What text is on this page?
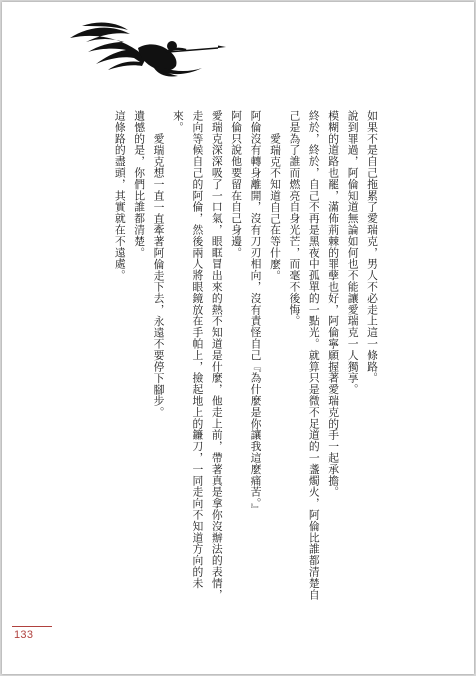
如果不是自己拖累了愛瑞克，男人不必走上這一條路。

說到罪過，阿倫知道無論如何也不能讓愛瑞克一人獨享。

模糊的道路也罷，滿佈荊棘的罪孽也好，阿倫寧願握著愛瑞克的手一起承擔。

終於，終於，自己不再是黑夜中孤單的一點光。就算只是微不足道的一盞燭火，阿倫比誰都清楚自己是為了誰而燃亮自身光芒，而毫不後悔。

愛瑞克不知道自己在等什麼。

阿倫沒有轉身離開，沒有刀刃相向，沒有責怪自己『為什麼是你讓我這麼痛苦。』

阿倫只說他要留在自己身邊。

愛瑞克深深吸了一口氣，眼眶冒出來的熱不知道是什麼，他走上前，帶著真是拿你沒辦法的表情，走向等候自己的阿倫，然後兩人將眼鏡放在手帕上，撿起地上的鐮刀，一同走向不知道方向的未來。

愛瑞克想一直一直牽著阿倫走下去，永遠不要停下腳步。

遺憾的是，你們比誰都清楚。

這條路的盡頭，其實就在不遠處。

133
